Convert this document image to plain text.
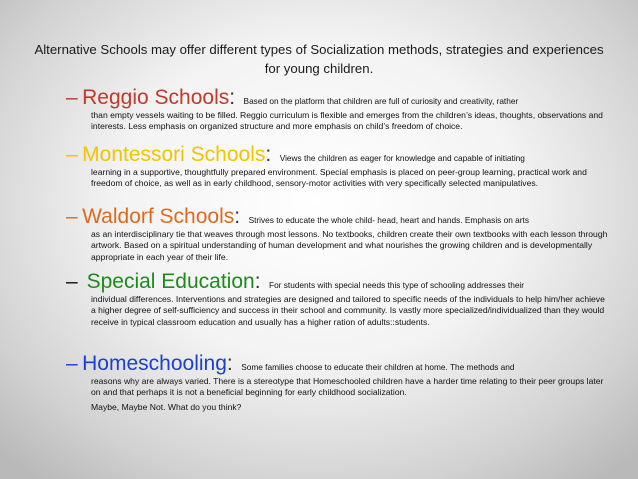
Alternative Schools may offer different types of Socialization methods, strategies and experiences for young children.
– Reggio Schools: Based on the platform that children are full of curiosity and creativity, rather
than empty vessels waiting to be filled. Reggio curriculum is flexible and emerges from the children’s ideas, thoughts, observations and interests. Less emphasis on organized structure and more emphasis on child’s freedom of choice.
– Montessori Schools: Views the children as eager for knowledge and capable of initiating
learning in a supportive, thoughtfully prepared environment. Special emphasis is placed on peer-group learning, practical work and freedom of choice, as well as in early childhood, sensory-motor activities with very specifically selected manipulatives.
– Waldorf Schools: Strives to educate the whole child- head, heart and hands. Emphasis on arts
as an interdisciplinary tie that weaves through most lessons. No textbooks, children create their own textbooks with each lesson through artwork. Based on a spiritual understanding of human development and what nourishes the growing children and is developmentally appropriate in each year of their life.
– Special Education: For students with special needs this type of schooling addresses their
individual differences. Interventions and strategies are designed and tailored to specific needs of the individuals to help him/her achieve a higher degree of self-sufficiency and success in their school and community. Is vastly more specialized/individualized than they would receive in typical classroom education and usually has a higher ration of adults::students.
– Homeschooling: Some families choose to educate their children at home. The methods and
reasons why are always varied. There is a stereotype that Homeschooled children have a harder time relating to their peer groups later on and that perhaps it is not a beneficial beginning for early childhood socialization.
Maybe, Maybe Not. What do you think?
